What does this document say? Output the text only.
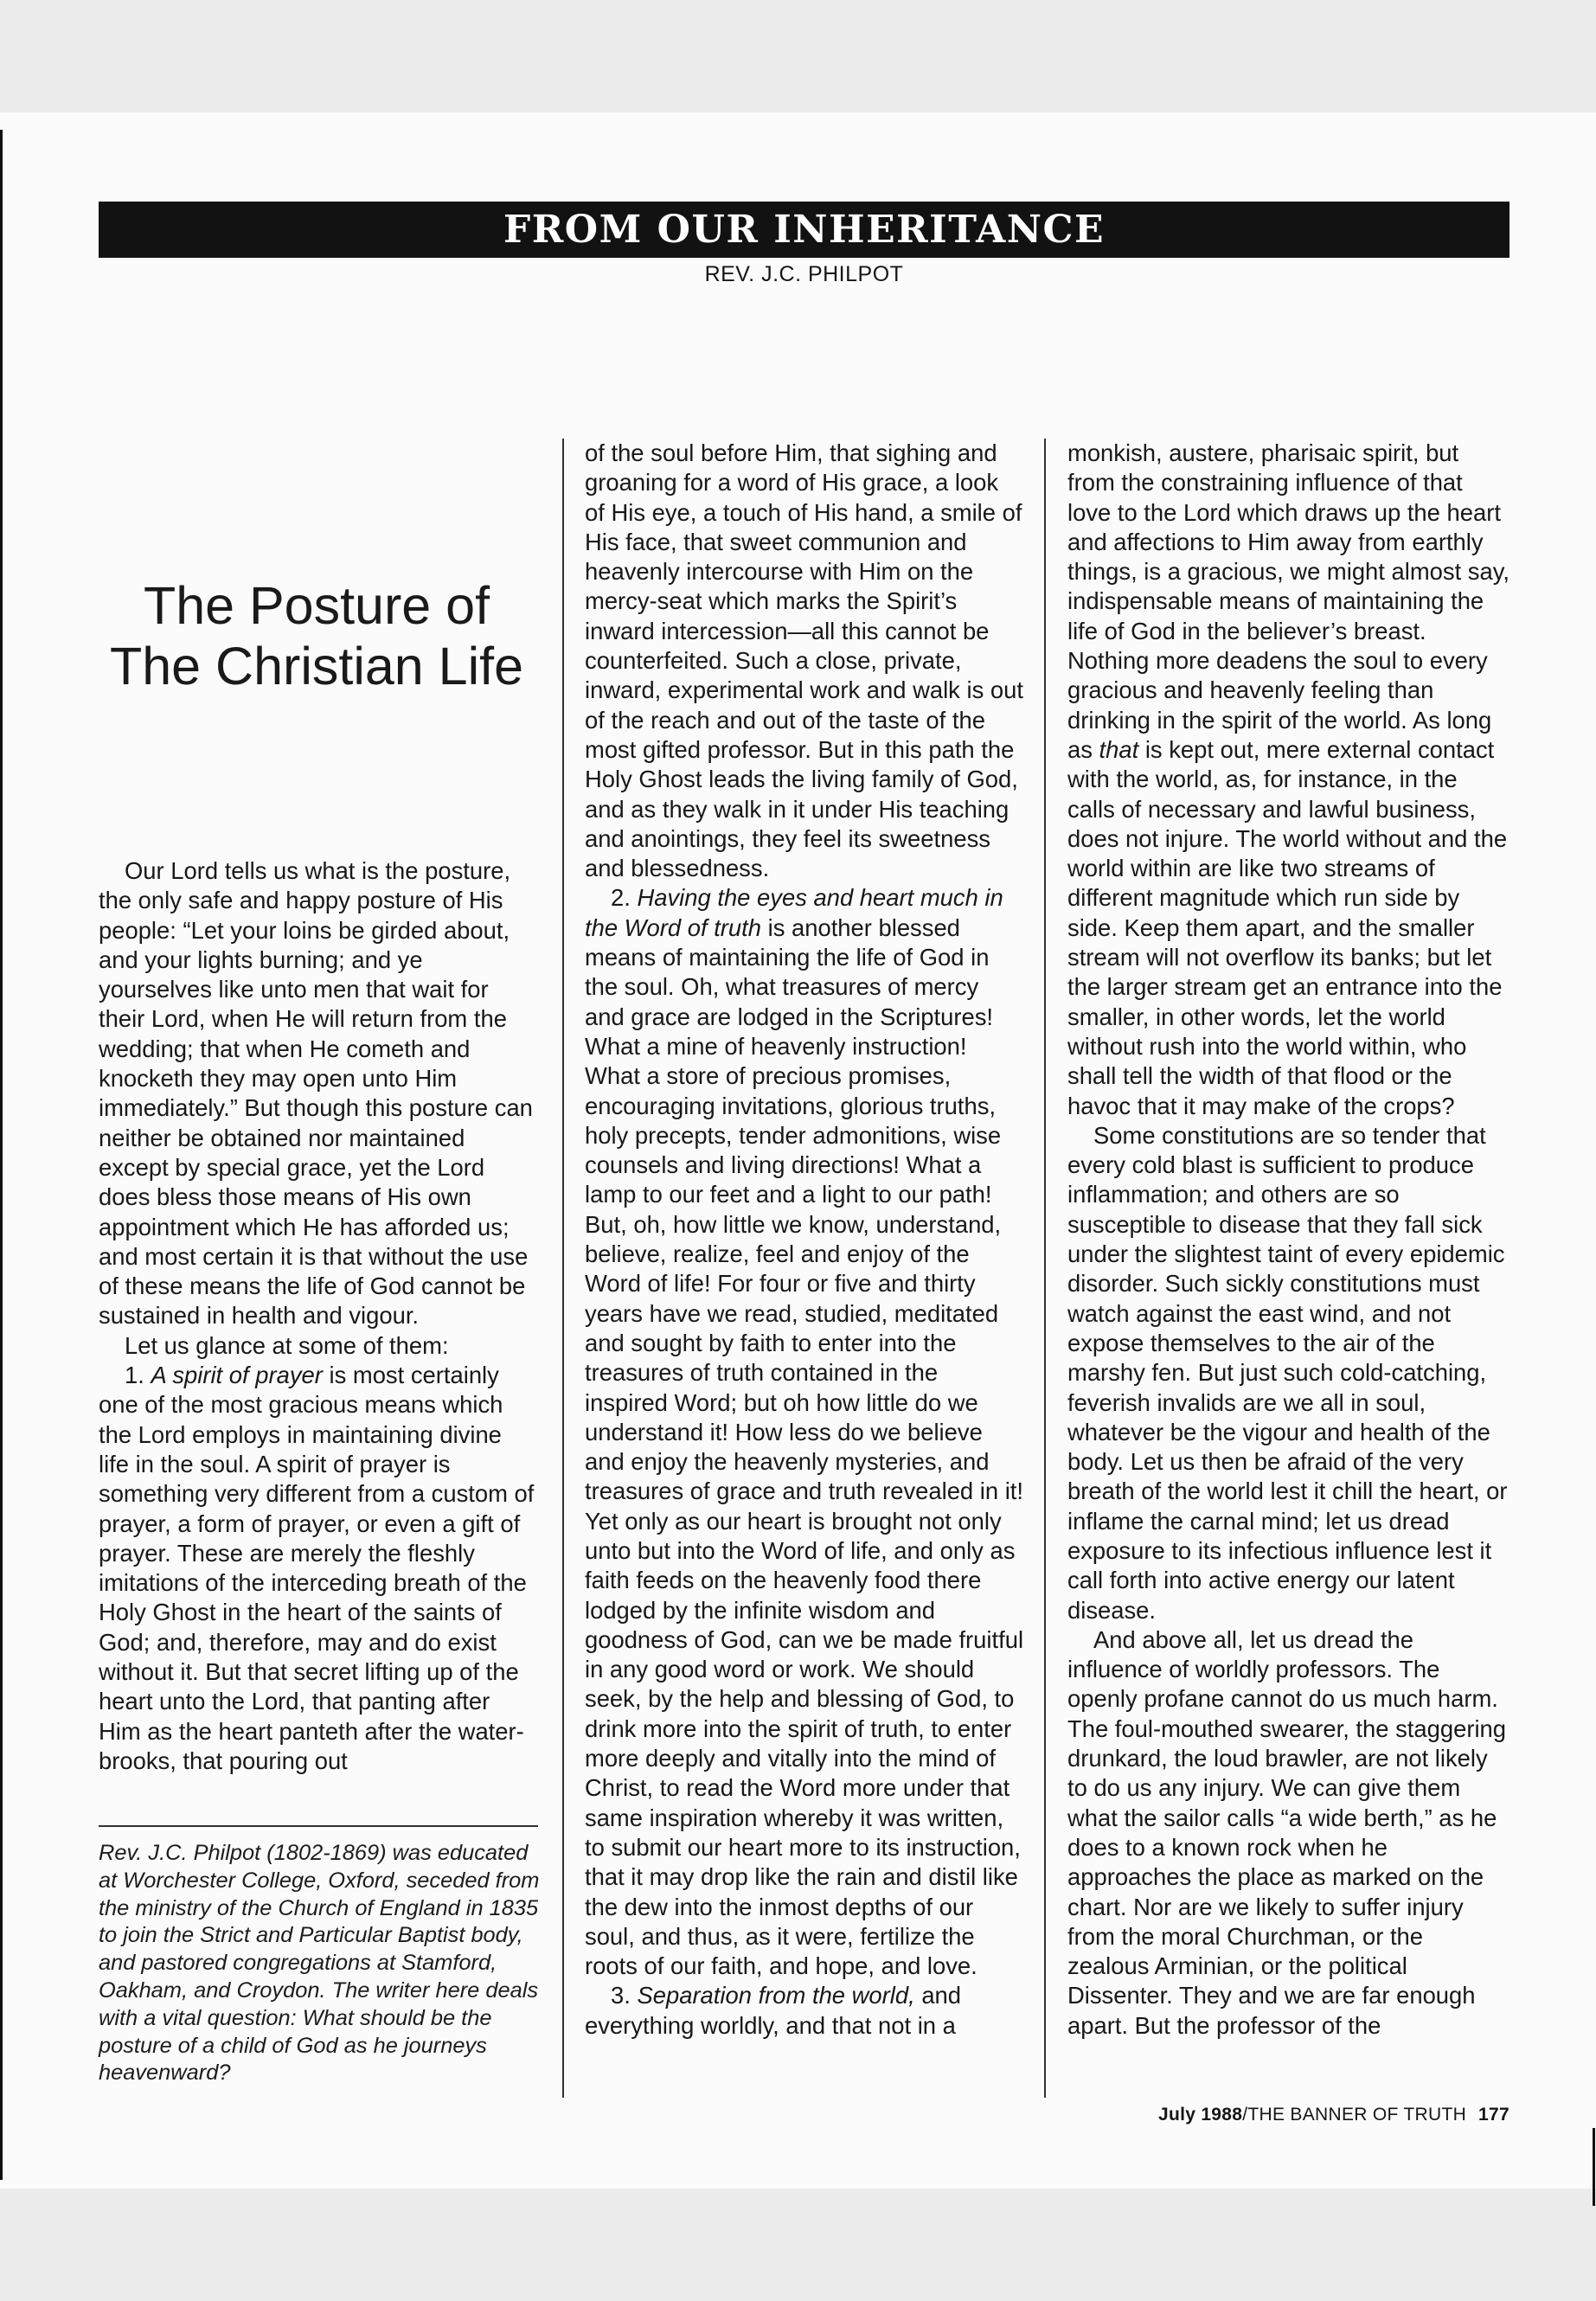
FROM OUR INHERITANCE
REV. J.C. PHILPOT
The Posture of
The Christian Life

Our Lord tells us what is the posture, the only safe and happy posture of His people: “Let your loins be girded about, and your lights burning; and ye yourselves like unto men that wait for their Lord, when He will return from the wedding; that when He cometh and knocketh they may open unto Him immediately.” But though this posture can neither be obtained nor maintained except by special grace, yet the Lord does bless those means of His own appointment which He has afforded us; and most certain it is that without the use of these means the life of God cannot be sustained in health and vigour.

Let us glance at some of them:

1. A spirit of prayer is most certainly one of the most gracious means which the Lord employs in maintaining divine life in the soul. A spirit of prayer is something very different from a custom of prayer, a form of prayer, or even a gift of prayer. These are merely the fleshly imitations of the interceding breath of the Holy Ghost in the heart of the saints of God; and, therefore, may and do exist without it. But that secret lifting up of the heart unto the Lord, that panting after Him as the heart panteth after the water-brooks, that pouring out

Rev. J.C. Philpot (1802-1869) was educated at Worchester College, Oxford, seceded from the ministry of the Church of England in 1835 to join the Strict and Particular Baptist body, and pastored congregations at Stamford, Oakham, and Croydon. The writer here deals with a vital question: What should be the posture of a child of God as he journeys heavenward?

of the soul before Him, that sighing and groaning for a word of His grace, a look of His eye, a touch of His hand, a smile of His face, that sweet communion and heavenly intercourse with Him on the mercy-seat which marks the Spirit’s inward intercession—all this cannot be counterfeited. Such a close, private, inward, experimental work and walk is out of the reach and out of the taste of the most gifted professor. But in this path the Holy Ghost leads the living family of God, and as they walk in it under His teaching and anointings, they feel its sweetness and blessedness.

2. Having the eyes and heart much in the Word of truth is another blessed means of maintaining the life of God in the soul. Oh, what treasures of mercy and grace are lodged in the Scriptures! What a mine of heavenly instruction! What a store of precious promises, encouraging invitations, glorious truths, holy precepts, tender admonitions, wise counsels and living directions! What a lamp to our feet and a light to our path! But, oh, how little we know, understand, believe, realize, feel and enjoy of the Word of life! For four or five and thirty years have we read, studied, meditated and sought by faith to enter into the treasures of truth contained in the inspired Word; but oh how little do we understand it! How less do we believe and enjoy the heavenly mysteries, and treasures of grace and truth revealed in it! Yet only as our heart is brought not only unto but into the Word of life, and only as faith feeds on the heavenly food there lodged by the infinite wisdom and goodness of God, can we be made fruitful in any good word or work. We should seek, by the help and blessing of God, to drink more into the spirit of truth, to enter more deeply and vitally into the mind of Christ, to read the Word more under that same inspiration whereby it was written, to submit our heart more to its instruction, that it may drop like the rain and distil like the dew into the inmost depths of our soul, and thus, as it were, fertilize the roots of our faith, and hope, and love.

3. Separation from the world, and everything worldly, and that not in a

monkish, austere, pharisaic spirit, but from the constraining influence of that love to the Lord which draws up the heart and affections to Him away from earthly things, is a gracious, we might almost say, indispensable means of maintaining the life of God in the believer’s breast. Nothing more deadens the soul to every gracious and heavenly feeling than drinking in the spirit of the world. As long as that is kept out, mere external contact with the world, as, for instance, in the calls of necessary and lawful business, does not injure. The world without and the world within are like two streams of different magnitude which run side by side. Keep them apart, and the smaller stream will not overflow its banks; but let the larger stream get an entrance into the smaller, in other words, let the world without rush into the world within, who shall tell the width of that flood or the havoc that it may make of the crops?

Some constitutions are so tender that every cold blast is sufficient to produce inflammation; and others are so susceptible to disease that they fall sick under the slightest taint of every epidemic disorder. Such sickly constitutions must watch against the east wind, and not expose themselves to the air of the marshy fen. But just such cold-catching, feverish invalids are we all in soul, whatever be the vigour and health of the body. Let us then be afraid of the very breath of the world lest it chill the heart, or inflame the carnal mind; let us dread exposure to its infectious influence lest it call forth into active energy our latent disease.

And above all, let us dread the influence of worldly professors. The openly profane cannot do us much harm. The foul-mouthed swearer, the staggering drunkard, the loud brawler, are not likely to do us any injury. We can give them what the sailor calls “a wide berth,” as he does to a known rock when he approaches the place as marked on the chart. Nor are we likely to suffer injury from the moral Churchman, or the zealous Arminian, or the political Dissenter. They and we are far enough apart. But the professor of the

July 1988/THE BANNER OF TRUTH 177
